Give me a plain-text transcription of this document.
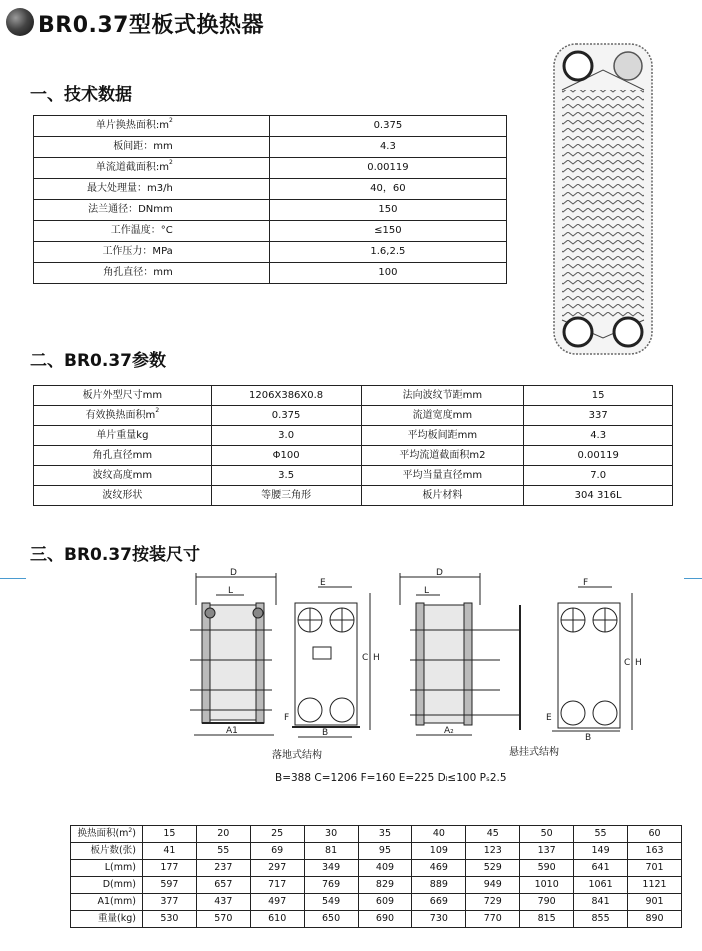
BR0.37型板式换热器
一、技术数据
单片换热面积$:m^2$	0.375
板间距：mm	4.3
单流道截面积$:m^2$	0.00119
最大处理量：m3/h	40，60
法兰通径：DNmm	150
工作温度：°C	≤150
工作压力：MPa	1.6,2.5
角孔直径：mm	100
二、BR0.37参数
板片外型尺寸mm	1206X386X0.8	法向波纹节距mm	15
有效换热面积$m^2$	0.375	流道宽度mm	337
单片重量kg	3.0	平均板间距mm	4.3
角孔直径mm	Φ100	平均流道截面积m2	0.00119
波纹高度mm	3.5	平均当量直径mm	7.0
波纹形状	等腰三角形	板片材料	304 316L
三、BR0.37按装尺寸
D
L
A1
E
F
B
C H
D
L
A₂
F
E
B
C H
落地式结构	悬挂式结构
B=388 C=1206 F=160 E=225 Dₗ≤100 Pₛ2.5
换热面积$(m^2)$	15	20	25	30	35	40	45	50	55	60
板片数(张)	41	55	69	81	95	109	123	137	149	163
L(mm)	177	237	297	349	409	469	529	590	641	701
D(mm)	597	657	717	769	829	889	949	1010	1061	1121
A1(mm)	377	437	497	549	609	669	729	790	841	901
重量(kg)	530	570	610	650	690	730	770	815	855	890
